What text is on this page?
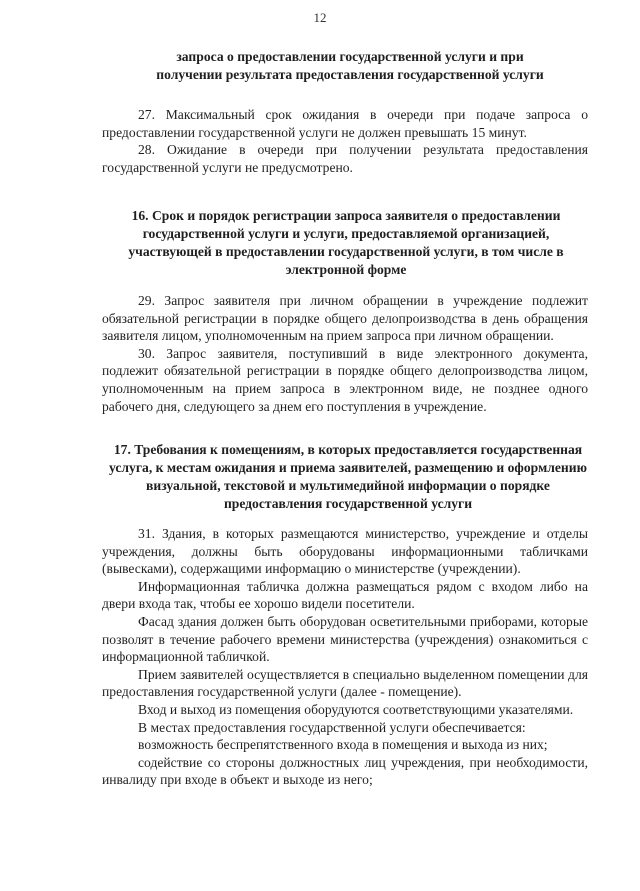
12
запроса о предоставлении государственной услуги и при получении результата предоставления государственной услуги

27. Максимальный срок ожидания в очереди при подаче запроса о предоставлении государственной услуги не должен превышать 15 минут.

28. Ожидание в очереди при получении результата предоставления государственной услуги не предусмотрено.

16. Срок и порядок регистрации запроса заявителя о предоставлении государственной услуги и услуги, предоставляемой организацией, участвующей в предоставлении государственной услуги, в том числе в электронной форме

29. Запрос заявителя при личном обращении в учреждение подлежит обязательной регистрации в порядке общего делопроизводства в день обращения заявителя лицом, уполномоченным на прием запроса при личном обращении.

30. Запрос заявителя, поступивший в виде электронного документа, подлежит обязательной регистрации в порядке общего делопроизводства лицом, уполномоченным на прием запроса в электронном виде, не позднее одного рабочего дня, следующего за днем его поступления в учреждение.

17. Требования к помещениям, в которых предоставляется государственная услуга, к местам ожидания и приема заявителей, размещению и оформлению визуальной, текстовой и мультимедийной информации о порядке предоставления государственной услуги

31. Здания, в которых размещаются министерство, учреждение и отделы учреждения, должны быть оборудованы информационными табличками (вывесками), содержащими информацию о министерстве (учреждении).

Информационная табличка должна размещаться рядом с входом либо на двери входа так, чтобы ее хорошо видели посетители.

Фасад здания должен быть оборудован осветительными приборами, которые позволят в течение рабочего времени министерства (учреждения) ознакомиться с информационной табличкой.

Прием заявителей осуществляется в специально выделенном помещении для предоставления государственной услуги (далее - помещение).

Вход и выход из помещения оборудуются соответствующими указателями.

В местах предоставления государственной услуги обеспечивается:

возможность беспрепятственного входа в помещения и выхода из них;

содействие со стороны должностных лиц учреждения, при необходимости, инвалиду при входе в объект и выходе из него;
